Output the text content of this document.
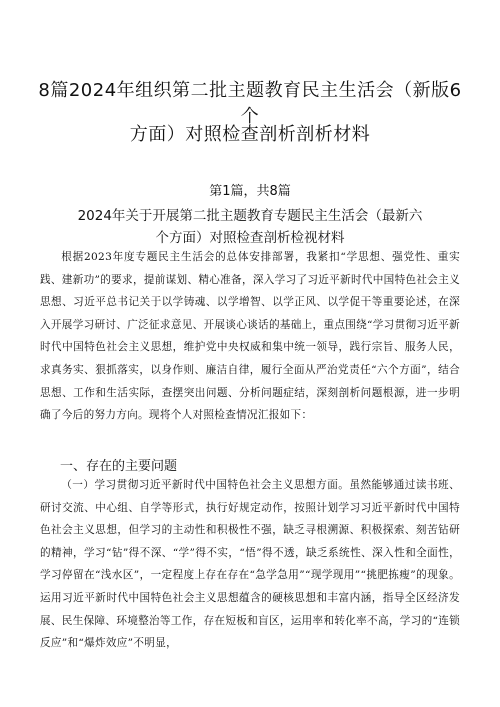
8篇2024年组织第二批主题教育民主生活会（新版6个
方面）对照检查剖析剖析材料
第1篇，共8篇
2024年关于开展第二批主题教育专题民主生活会（最新六
个方面）对照检查剖析检视材料

根据2023年度专题民主生活会的总体安排部署，我紧扣“学思想、强党性、重实践、建新功”的要求，提前谋划、精心准备，深入学习了习近平新时代中国特色社会主义思想、习近平总书记关于以学铸魂、以学增智、以学正风、以学促干等重要论述，在深入开展学习研讨、广泛征求意见、开展谈心谈话的基础上，重点围绕“学习贯彻习近平新时代中国特色社会主义思想，维护党中央权威和集中统一领导，践行宗旨、服务人民，求真务实、狠抓落实，以身作则、廉洁自律，履行全面从严治党责任“六个方面”，结合思想、工作和生活实际，查摆突出问题、分析问题症结，深刻剖析问题根源，进一步明确了今后的努力方向。现将个人对照检查情况汇报如下：

一、存在的主要问题

（一）学习贯彻习近平新时代中国特色社会主义思想方面。虽然能够通过读书班、研讨交流、中心组、自学等形式，执行好规定动作，按照计划学习习近平新时代中国特色社会主义思想，但学习的主动性和积极性不强，缺乏寻根溯源、积极探索、刻苦钻研的精神，学习“钻”得不深、“学”得不实，“悟”得不透，缺乏系统性、深入性和全面性，学习停留在“浅水区”，一定程度上存在存在“急学急用”“现学现用”“挑肥拣瘦”的现象。运用习近平新时代中国特色社会主义思想蕴含的硬核思想和丰富内涵，指导全区经济发展、民生保障、环境整治等工作，存在短板和盲区，运用率和转化率不高，学习的“连锁反应”和“爆炸效应”不明显，
